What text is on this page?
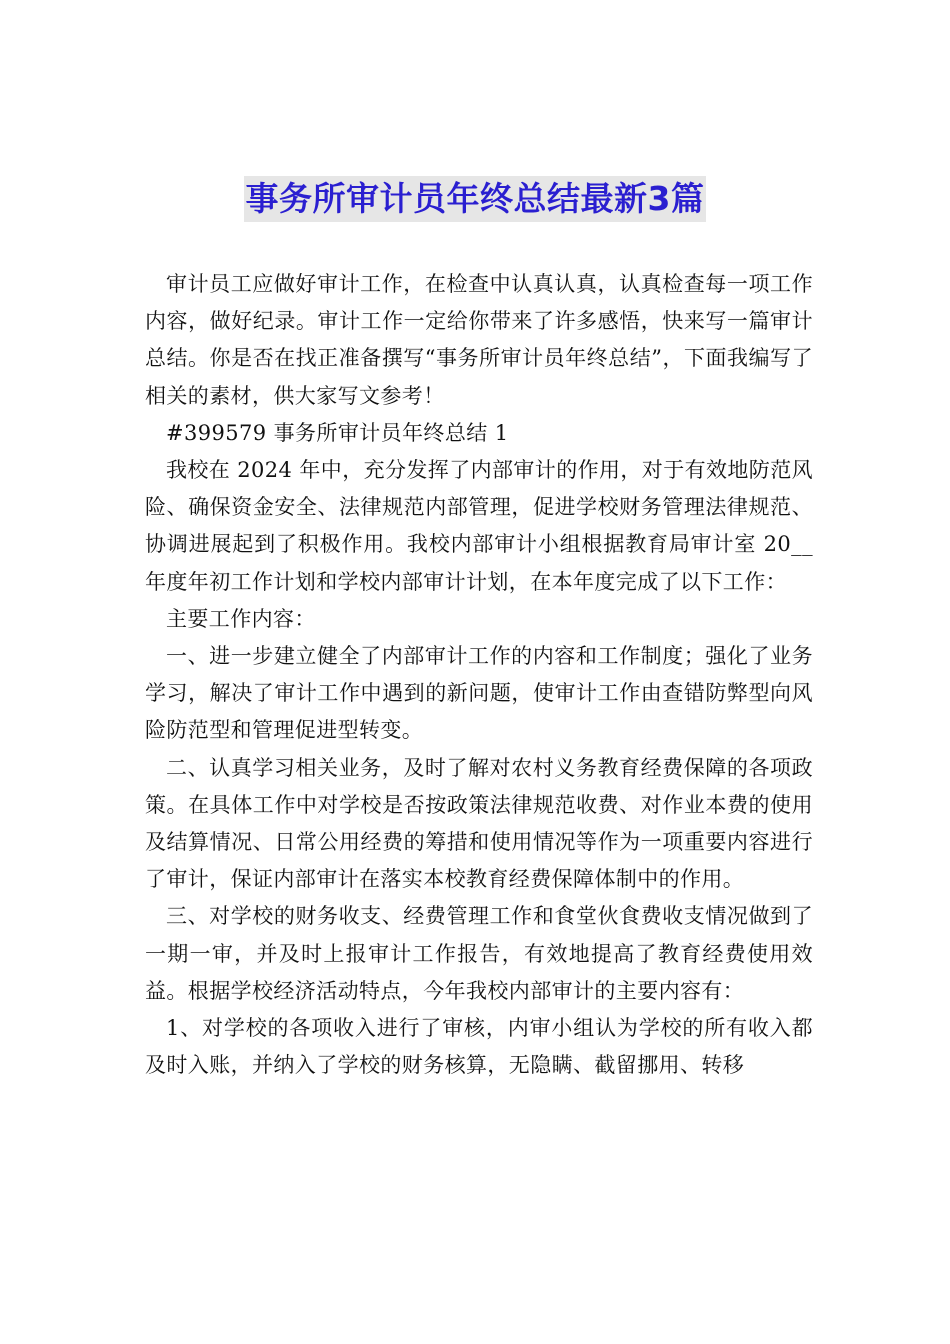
事务所审计员年终总结最新3篇

审计员工应做好审计工作，在检查中认真认真，认真检查每一项工作内容，做好纪录。审计工作一定给你带来了许多感悟，快来写一篇审计总结。你是否在找正准备撰写“事务所审计员年终总结”，下面我编写了相关的素材，供大家写文参考！

#399579 事务所审计员年终总结 1

我校在 2024 年中，充分发挥了内部审计的作用，对于有效地防范风险、确保资金安全、法律规范内部管理，促进学校财务管理法律规范、协调进展起到了积极作用。我校内部审计小组根据教育局审计室 20__年度年初工作计划和学校内部审计计划，在本年度完成了以下工作：

主要工作内容：

一、进一步建立健全了内部审计工作的内容和工作制度；强化了业务学习，解决了审计工作中遇到的新问题，使审计工作由查错防弊型向风险防范型和管理促进型转变。

二、认真学习相关业务，及时了解对农村义务教育经费保障的各项政策。在具体工作中对学校是否按政策法律规范收费、对作业本费的使用及结算情况、日常公用经费的筹措和使用情况等作为一项重要内容进行了审计，保证内部审计在落实本校教育经费保障体制中的作用。

三、对学校的财务收支、经费管理工作和食堂伙食费收支情况做到了一期一审，并及时上报审计工作报告，有效地提高了教育经费使用效益。根据学校经济活动特点，今年我校内部审计的主要内容有：

1、对学校的各项收入进行了审核，内审小组认为学校的所有收入都及时入账，并纳入了学校的财务核算，无隐瞒、截留挪用、转移
